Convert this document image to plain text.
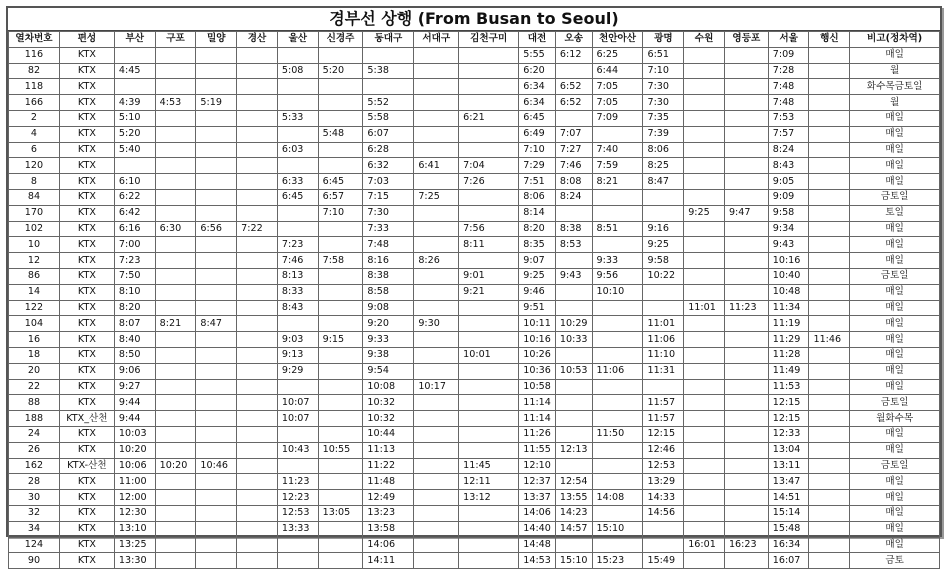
경부선 상행 (From Busan to Seoul)
열차번호	편성	부산	구포	밀양	경산	울산	신경주	동대구	서대구	김천구미	대전	오송	천안아산	광명	수원	영등포	서울	행신	비고(정차역)
116	KTX										5:55	6:12	6:25	6:51			7:09		매일
82	KTX	4:45				5:08	5:20	5:38			6:20		6:44	7:10			7:28		월
118	KTX										6:34	6:52	7:05	7:30			7:48		화수목금토일
166	KTX	4:39	4:53	5:19				5:52			6:34	6:52	7:05	7:30			7:48		월
2	KTX	5:10				5:33		5:58		6:21	6:45		7:09	7:35			7:53		매일
4	KTX	5:20					5:48	6:07			6:49	7:07		7:39			7:57		매일
6	KTX	5:40				6:03		6:28			7:10	7:27	7:40	8:06			8:24		매일
120	KTX							6:32	6:41	7:04	7:29	7:46	7:59	8:25			8:43		매일
8	KTX	6:10				6:33	6:45	7:03		7:26	7:51	8:08	8:21	8:47			9:05		매일
84	KTX	6:22				6:45	6:57	7:15	7:25		8:06	8:24					9:09		금토일
170	KTX	6:42					7:10	7:30			8:14				9:25	9:47	9:58		토일
102	KTX	6:16	6:30	6:56	7:22			7:33		7:56	8:20	8:38	8:51	9:16			9:34		매일
10	KTX	7:00				7:23		7:48		8:11	8:35	8:53		9:25			9:43		매일
12	KTX	7:23				7:46	7:58	8:16	8:26		9:07		9:33	9:58			10:16		매일
86	KTX	7:50				8:13		8:38		9:01	9:25	9:43	9:56	10:22			10:40		금토일
14	KTX	8:10				8:33		8:58		9:21	9:46		10:10				10:48		매일
122	KTX	8:20				8:43		9:08			9:51				11:01	11:23	11:34		매일
104	KTX	8:07	8:21	8:47				9:20	9:30		10:11	10:29		11:01			11:19		매일
16	KTX	8:40				9:03	9:15	9:33			10:16	10:33		11:06			11:29	11:46	매일
18	KTX	8:50				9:13		9:38		10:01	10:26			11:10			11:28		매일
20	KTX	9:06				9:29		9:54			10:36	10:53	11:06	11:31			11:49		매일
22	KTX	9:27						10:08	10:17		10:58						11:53		매일
88	KTX	9:44				10:07		10:32			11:14			11:57			12:15		금토일
188	KTX_산천	9:44				10:07		10:32			11:14			11:57			12:15		월화수목
24	KTX	10:03						10:44			11:26		11:50	12:15			12:33		매일
26	KTX	10:20				10:43	10:55	11:13			11:55	12:13		12:46			13:04		매일
162	KTX-산천	10:06	10:20	10:46				11:22		11:45	12:10			12:53			13:11		금토일
28	KTX	11:00				11:23		11:48		12:11	12:37	12:54		13:29			13:47		매일
30	KTX	12:00				12:23		12:49		13:12	13:37	13:55	14:08	14:33			14:51		매일
32	KTX	12:30				12:53	13:05	13:23			14:06	14:23		14:56			15:14		매일
34	KTX	13:10				13:33		13:58			14:40	14:57	15:10				15:48		매일
124	KTX	13:25						14:06			14:48				16:01	16:23	16:34		매일
90	KTX	13:30						14:11			14:53	15:10	15:23	15:49			16:07		금토
